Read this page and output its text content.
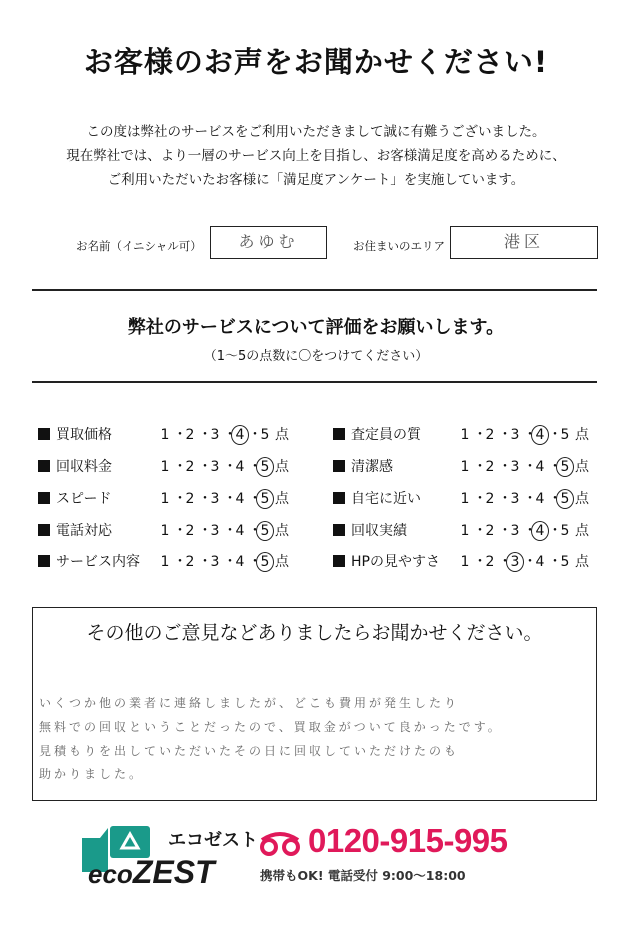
お客様のお声をお聞かせください!
この度は弊社のサービスをご利用いただきまして誠に有難うございました。
現在弊社では、より一層のサービス向上を目指し、お客様満足度を高めるために、
ご利用いただいたお客様に「満足度アンケート」を実施しています。
お名前（イニシャル可）	あゆむ	お住まいのエリア	港区
弊社のサービスについて評価をお願いします。
（1〜5の点数に〇をつけてください）
買取価格	1 ・2 ・3 ・4 ・5 点
回収料金	1 ・2 ・3 ・4 ・5 点
スピード	1 ・2 ・3 ・4 ・5 点
電話対応	1 ・2 ・3 ・4 ・5 点
サービス内容 1 ・2 ・3 ・4 ・5 点
査定員の質	1 ・2 ・3 ・4 ・5 点
清潔感	1 ・2 ・3 ・4 ・5 点
自宅に近い	1 ・2 ・3 ・4 ・5 点
回収実績	1 ・2 ・3 ・4 ・5 点
HPの見やすさ 1 ・2 ・3 ・4 ・5 点
その他のご意見などありましたらお聞かせください。
いくつか他の業者に連絡しましたが、どこも費用が発生したり
無料での回収ということだったので、買取金がついて良かったです。
見積もりを出していただいたその日に回収していただけたのも
助かりました。
エコゼスト
ecoZEST
0120-915-995
携帯もOK! 電話受付 9:00〜18:00
